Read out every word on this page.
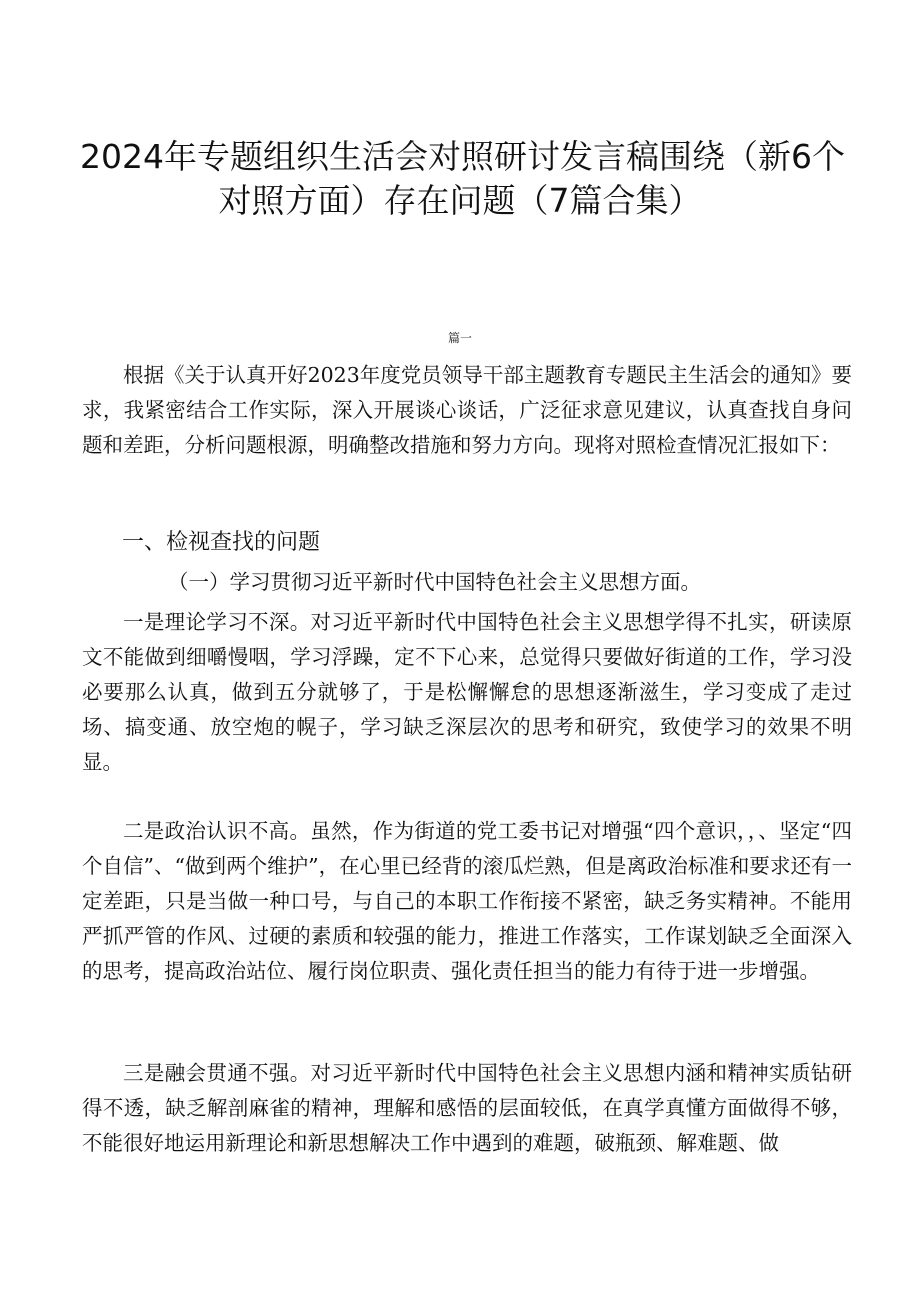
2024年专题组织生活会对照研讨发言稿围绕（新6个
对照方面）存在问题（7篇合集）
篇一

根据《关于认真开好2023年度党员领导干部主题教育专题民主生活会的通知》要求，我紧密结合工作实际，深入开展谈心谈话，广泛征求意见建议，认真查找自身问题和差距，分析问题根源，明确整改措施和努力方向。现将对照检查情况汇报如下：

一、检视查找的问题
（一）学习贯彻习近平新时代中国特色社会主义思想方面。

一是理论学习不深。对习近平新时代中国特色社会主义思想学得不扎实，研读原文不能做到细嚼慢咽，学习浮躁，定不下心来，总觉得只要做好街道的工作，学习没必要那么认真，做到五分就够了，于是松懈懈怠的思想逐渐滋生，学习变成了走过场、搞变通、放空炮的幌子，学习缺乏深层次的思考和研究，致使学习的效果不明显。

二是政治认识不高。虽然，作为街道的党工委书记对增强“四个意识，，、坚定“四个自信”、“做到两个维护”，在心里已经背的滚瓜烂熟，但是离政治标准和要求还有一定差距，只是当做一种口号，与自己的本职工作衔接不紧密，缺乏务实精神。不能用严抓严管的作风、过硬的素质和较强的能力，推进工作落实，工作谋划缺乏全面深入的思考，提高政治站位、履行岗位职责、强化责任担当的能力有待于进一步增强。

三是融会贯通不强。对习近平新时代中国特色社会主义思想内涵和精神实质钻研得不透，缺乏解剖麻雀的精神，理解和感悟的层面较低，在真学真懂方面做得不够，不能很好地运用新理论和新思想解决工作中遇到的难题，破瓶颈、解难题、做
